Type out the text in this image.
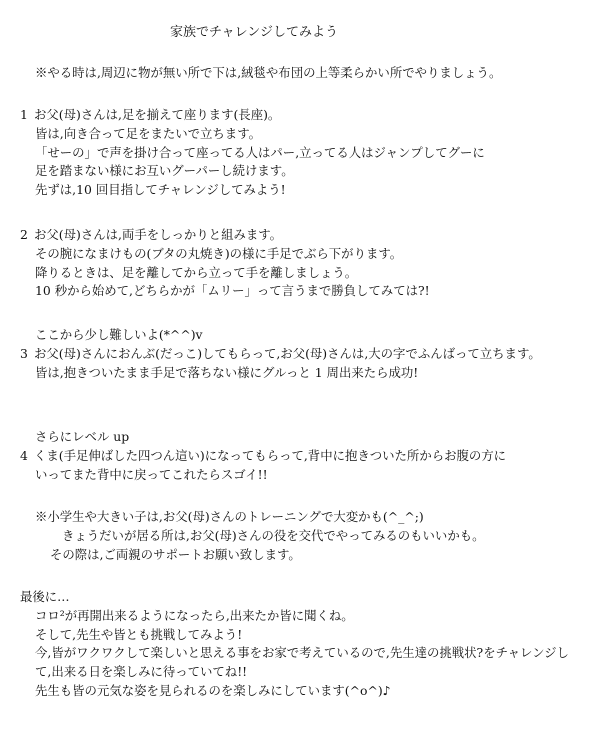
家族でチャレンジしてみよう
※やる時は,周辺に物が無い所で下は,絨毯や布団の上等柔らかい所でやりましょう。
1 お父(母)さんは,足を揃えて座ります(長座)。
皆は,向き合って足をまたいで立ちます。
「せーの」で声を掛け合って座ってる人はパー,立ってる人はジャンプしてグーに
足を踏まない様にお互いグーパーし続けます。
先ずは,10 回目指してチャレンジしてみよう!
2 お父(母)さんは,両手をしっかりと組みます。
その腕になまけもの(ブタの丸焼き)の様に手足でぶら下がります。
降りるときは、足を離してから立って手を離しましょう。
10 秒から始めて,どちらかが「ムリー」って言うまで勝負してみては?!
ここから少し難しいよ(*^^)v
3 お父(母)さんにおんぶ(だっこ)してもらって,お父(母)さんは,大の字でふんばって立ちます。
皆は,抱きついたまま手足で落ちない様にグルっと 1 周出来たら成功!
さらにレベル up
4 くま(手足伸ばした四つん這い)になってもらって,背中に抱きついた所からお腹の方に
いってまた背中に戻ってこれたらスゴイ!!
※小学生や大きい子は,お父(母)さんのトレーニングで大変かも(^_^;)
きょうだいが居る所は,お父(母)さんの役を交代でやってみるのもいいかも。
その際は,ご両親のサポートお願い致します。
最後に…
コロ²が再開出来るようになったら,出来たか皆に聞くね。
そして,先生や皆とも挑戦してみよう!
今,皆がワクワクして楽しいと思える事をお家で考えているので,先生達の挑戦状?をチャレンジして,出来る日を楽しみに待っていてね!!
先生も皆の元気な姿を見られるのを楽しみにしています(^o^)♪
